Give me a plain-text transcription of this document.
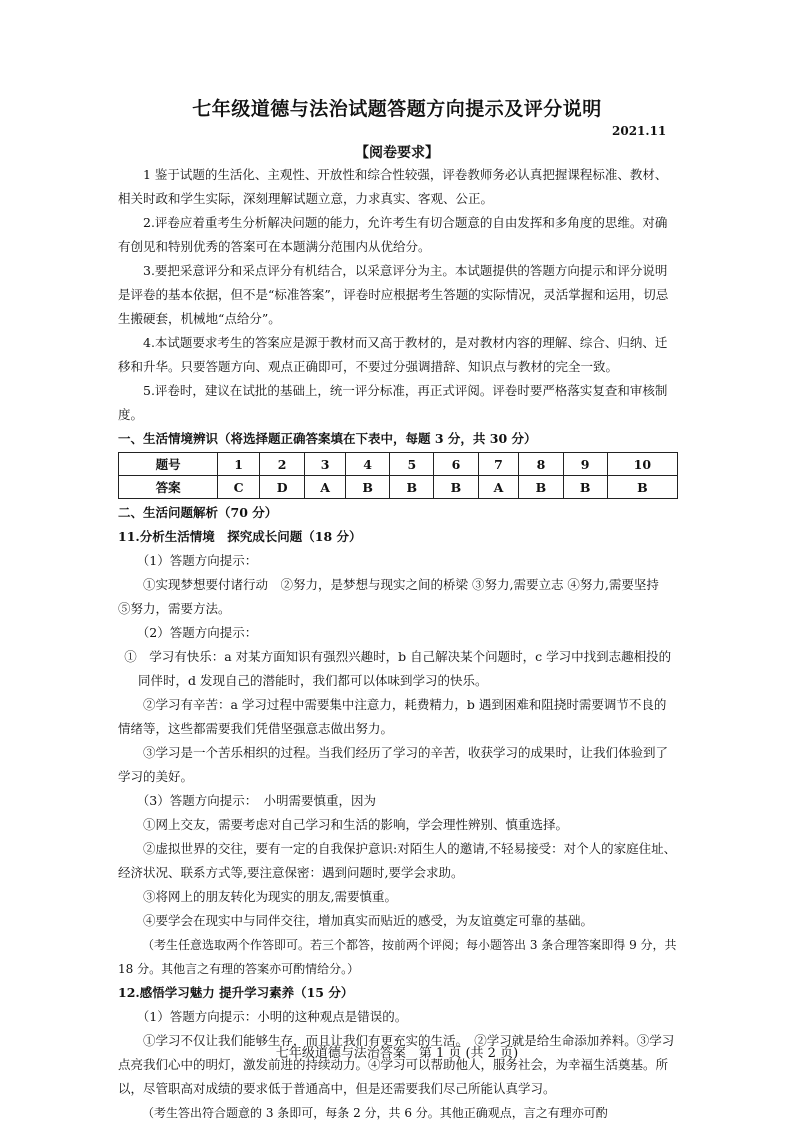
七年级道德与法治试题答题方向提示及评分说明
2021.11
【阅卷要求】

1 鉴于试题的生活化、主观性、开放性和综合性较强，评卷教师务必认真把握课程标准、教材、相关时政和学生实际，深刻理解试题立意，力求真实、客观、公正。

2.评卷应着重考生分析解决问题的能力，允许考生有切合题意的自由发挥和多角度的思维。对确有创见和特别优秀的答案可在本题满分范围内从优给分。

3.要把采意评分和采点评分有机结合，以采意评分为主。本试题提供的答题方向提示和评分说明是评卷的基本依据，但不是“标准答案”，评卷时应根据考生答题的实际情况，灵活掌握和运用，切忌生搬硬套，机械地“点给分”。

4.本试题要求考生的答案应是源于教材而又高于教材的，是对教材内容的理解、综合、归纳、迁移和升华。只要答题方向、观点正确即可，不要过分强调措辞、知识点与教材的完全一致。

5.评卷时，建议在试批的基础上，统一评分标准，再正式评阅。评卷时要严格落实复查和审核制度。

一、生活情境辨识（将选择题正确答案填在下表中，每题 3 分，共 30 分）

题号	1	2	3	4	5	6	7	8	9	10
答案	C	D	A	B	B	B	A	B	B	B

二、生活问题解析（70 分）

11.分析生活情境　探究成长问题（18 分）

（1）答题方向提示：

①实现梦想要付诸行动　②努力，是梦想与现实之间的桥梁 ③努力,需要立志 ④努力,需要坚持　⑤努力，需要方法。

（2）答题方向提示：

①　学习有快乐：a 对某方面知识有强烈兴趣时，b 自己解决某个问题时，c 学习中找到志趣相投的同伴时，d 发现自己的潜能时，我们都可以体味到学习的快乐。

②学习有辛苦：a 学习过程中需要集中注意力，耗费精力，b 遇到困难和阻挠时需要调节不良的情绪等，这些都需要我们凭借坚强意志做出努力。

③学习是一个苦乐相织的过程。当我们经历了学习的辛苦，收获学习的成果时，让我们体验到了学习的美好。

（3）答题方向提示：　小明需要慎重，因为

①网上交友，需要考虑对自己学习和生活的影响，学会理性辨别、慎重选择。

②虚拟世界的交往，要有一定的自我保护意识:对陌生人的邀请,不轻易接受：对个人的家庭住址、经济状况、联系方式等,要注意保密：遇到问题时,要学会求助。

③将网上的朋友转化为现实的朋友,需要慎重。

④要学会在现实中与同伴交往，增加真实而贴近的感受，为友谊奠定可靠的基础。

（考生任意选取两个作答即可。若三个都答，按前两个评阅；每小题答出 3 条合理答案即得 9 分，共 18 分。其他言之有理的答案亦可酌情给分。）

12.感悟学习魅力 提升学习素养（15 分）

（1）答题方向提示：小明的这种观点是错误的。

①学习不仅让我们能够生存，而且让我们有更充实的生活。　②学习就是给生命添加养料。③学习点亮我们心中的明灯，激发前进的持续动力。④学习可以帮助他人，服务社会，为幸福生活奠基。所以，尽管职高对成绩的要求低于普通高中，但是还需要我们尽己所能认真学习。

（考生答出符合题意的 3 条即可，每条 2 分，共 6 分。其他正确观点，言之有理亦可酌

七年级道德与法治答案　第 1 页 (共 2 页)
